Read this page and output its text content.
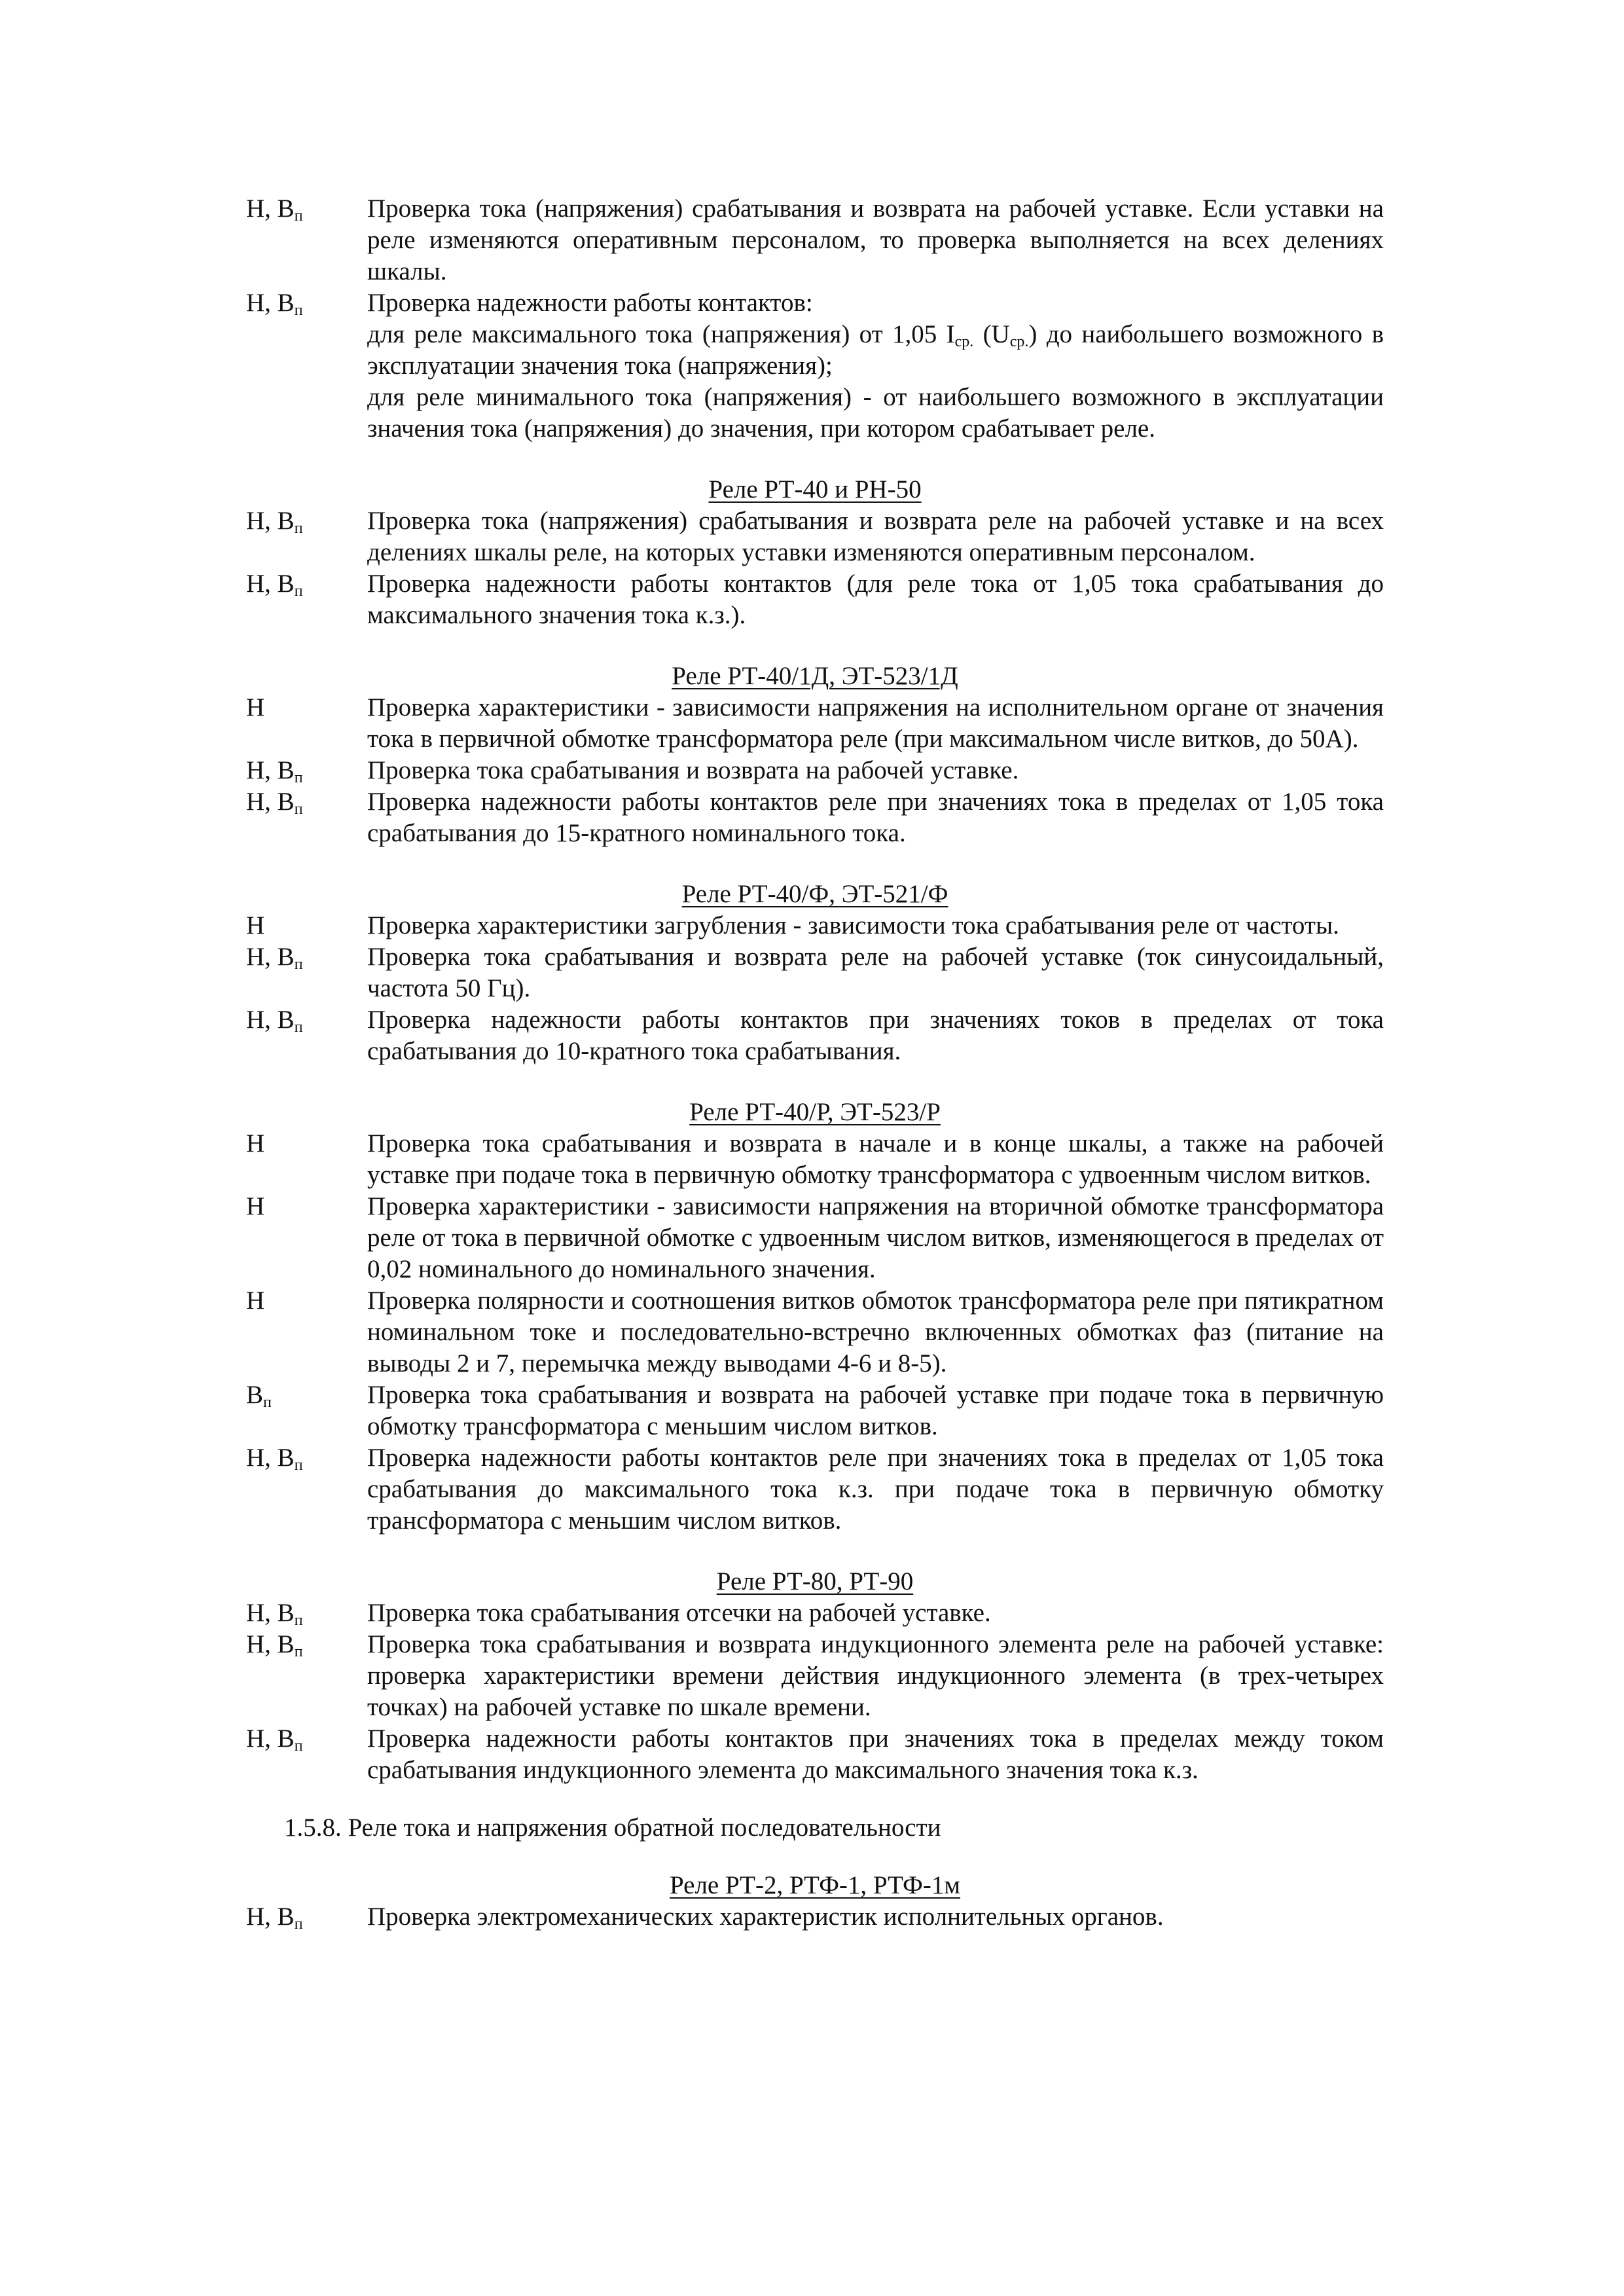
Н, $В_п$	Проверка тока (напряжения) срабатывания и возврата на рабочей уставке. Если уставки на реле изменяются оперативным персоналом, то проверка выполняется на всех делениях шкалы.

Н, $В_п$	Проверка надежности работы контактов:

для реле максимального тока (напряжения) от 1,05 $I_{ср.}$ $(U_{ср.})$ до наибольшего возможного в эксплуатации значения тока (напряжения);

для реле минимального тока (напряжения) - от наибольшего возможного в эксплуатации значения тока (напряжения) до значения, при котором срабатывает реле.

Реле РТ-40 и РН-50
Н, $В_п$	Проверка тока (напряжения) срабатывания и возврата реле на рабочей уставке и на всех делениях шкалы реле, на которых уставки изменяются оперативным персоналом.
Н, $В_п$	Проверка надежности работы контактов (для реле тока от 1,05 тока срабатывания до максимального значения тока к.з.).
Реле РТ-40/1Д, ЭТ-523/1Д
Н	Проверка характеристики - зависимости напряжения на исполнительном органе от значения тока в первичной обмотке трансформатора реле (при максимальном числе витков, до 50А).
Н, $В_п$	Проверка тока срабатывания и возврата на рабочей уставке.
Н, $В_п$	Проверка надежности работы контактов реле при значениях тока в пределах от 1,05 тока срабатывания до 15-кратного номинального тока.
Реле РТ-40/Ф, ЭТ-521/Ф
Н	Проверка характеристики загрубления - зависимости тока срабатывания реле от частоты.
Н, $В_п$	Проверка тока срабатывания и возврата реле на рабочей уставке (ток синусоидальный, частота 50 Гц).
Н, $В_п$	Проверка надежности работы контактов при значениях токов в пределах от тока срабатывания до 10-кратного тока срабатывания.
Реле РТ-40/Р, ЭТ-523/Р
Н	Проверка тока срабатывания и возврата в начале и в конце шкалы, а также на рабочей уставке при подаче тока в первичную обмотку трансформатора с удвоенным числом витков.
Н	Проверка характеристики - зависимости напряжения на вторичной обмотке трансформатора реле от тока в первичной обмотке с удвоенным числом витков, изменяющегося в пределах от 0,02 номинального до номинального значения.
Н	Проверка полярности и соотношения витков обмоток трансформатора реле при пятикратном номинальном токе и последовательно-встречно включенных обмотках фаз (питание на выводы 2 и 7, перемычка между выводами 4-6 и 8-5).
$В_п$	Проверка тока срабатывания и возврата на рабочей уставке при подаче тока в первичную обмотку трансформатора с меньшим числом витков.
Н, $В_п$	Проверка надежности работы контактов реле при значениях тока в пределах от 1,05 тока срабатывания до максимального тока к.з. при подаче тока в первичную обмотку трансформатора с меньшим числом витков.
Реле РТ-80, РТ-90
Н, $В_п$	Проверка тока срабатывания отсечки на рабочей уставке.
Н, $В_п$	Проверка тока срабатывания и возврата индукционного элемента реле на рабочей уставке: проверка характеристики времени действия индукционного элемента (в трех-четырех точках) на рабочей уставке по шкале времени.
Н, $В_п$	Проверка надежности работы контактов при значениях тока в пределах между током срабатывания индукционного элемента до максимального значения тока к.з.
1.5.8. Реле тока и напряжения обратной последовательности
Реле РТ-2, РТФ-1, РТФ-1м
Н, $В_п$	Проверка электромеханических характеристик исполнительных органов.
